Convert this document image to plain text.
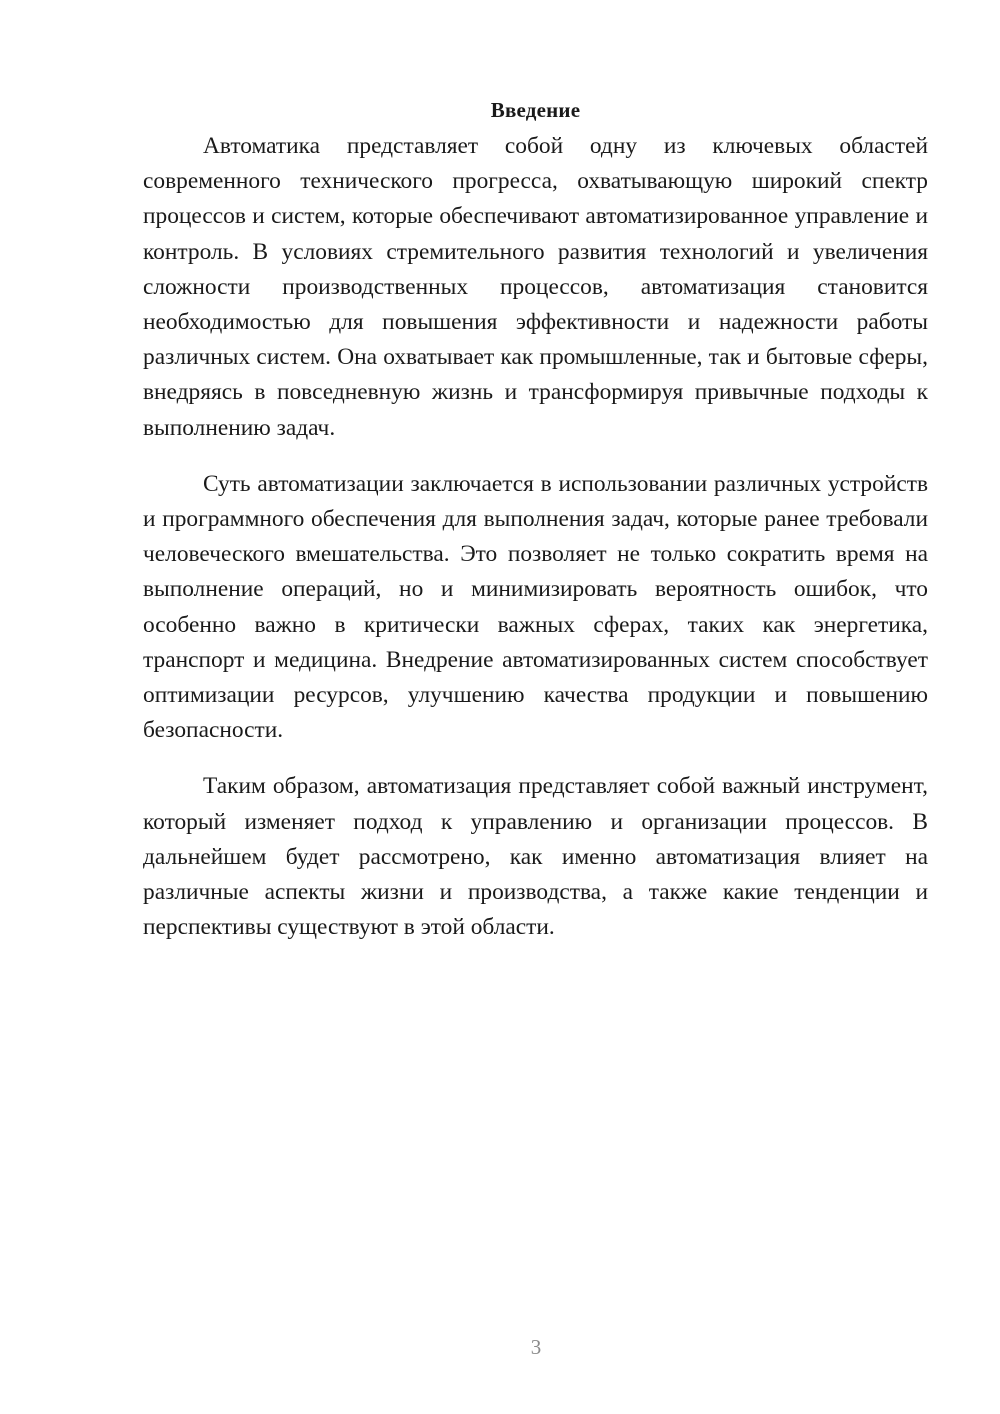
Введение

Автоматика представляет собой одну из ключевых областей современного технического прогресса, охватывающую широкий спектр процессов и систем, которые обеспечивают автоматизированное управление и контроль. В условиях стремительного развития технологий и увеличения сложности производственных процессов, автоматизация становится необходимостью для повышения эффективности и надежности работы различных систем. Она охватывает как промышленные, так и бытовые сферы, внедряясь в повседневную жизнь и трансформируя привычные подходы к выполнению задач.

Суть автоматизации заключается в использовании различных устройств и программного обеспечения для выполнения задач, которые ранее требовали человеческого вмешательства. Это позволяет не только сократить время на выполнение операций, но и минимизировать вероятность ошибок, что особенно важно в критически важных сферах, таких как энергетика, транспорт и медицина. Внедрение автоматизированных систем способствует оптимизации ресурсов, улучшению качества продукции и повышению безопасности.

Таким образом, автоматизация представляет собой важный инструмент, который изменяет подход к управлению и организации процессов. В дальнейшем будет рассмотрено, как именно автоматизация влияет на различные аспекты жизни и производства, а также какие тенденции и перспективы существуют в этой области.

3
